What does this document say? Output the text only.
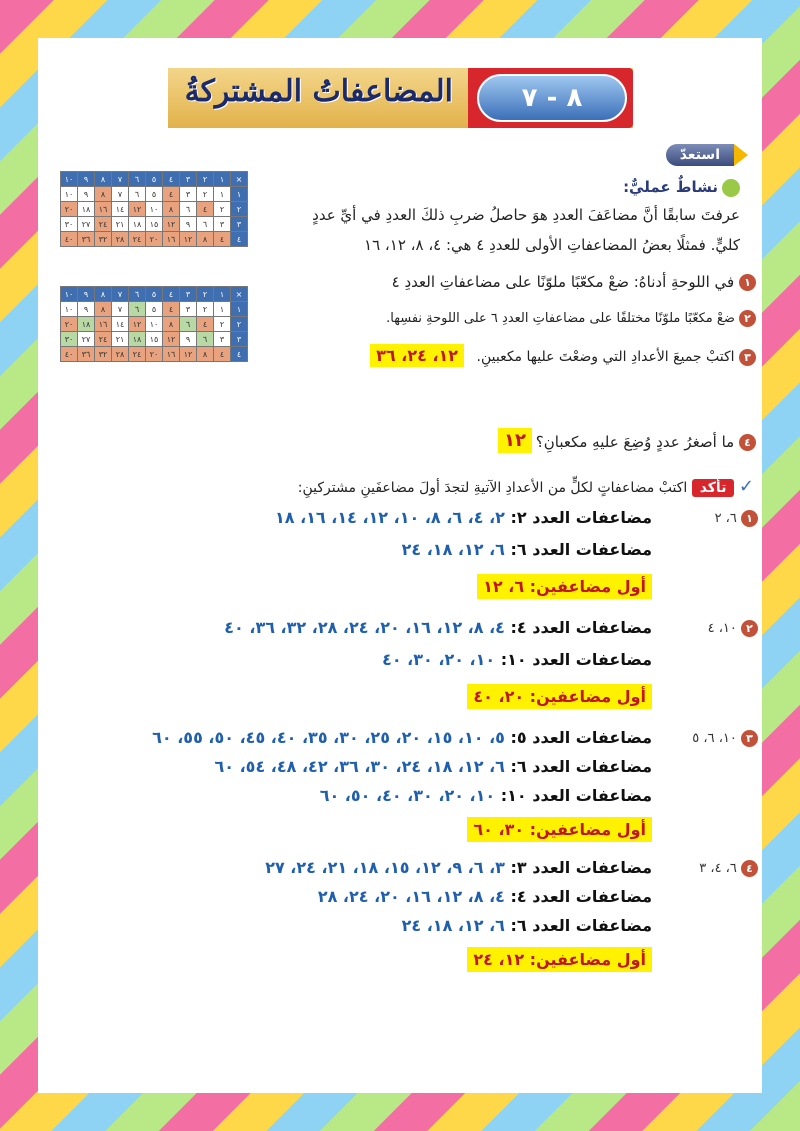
٨ - ٧
المضاعفاتُ المشتركةُ
استعدّ
نشاطٌ عمليٌّ:
عرفتَ سابقًا أنَّ مضاعَفَ العددِ هوَ حاصلُ ضربِ ذلكَ العددِ في أيِّ عددٍ
كليٍّ. فمثلًا بعضُ المضاعفاتِ الأولى للعددِ ٤ هي: ٤، ٨، ١٢، ١٦
١ في اللوحةِ أدناهُ: ضعْ مكعّبًا ملوّنًا على مضاعفاتِ العددِ ٤
٢ ضعْ مكعّبًا ملوّنًا مختلفًا على مضاعفاتِ العددِ ٦ على اللوحةِ نفسِها.
٣ اكتبْ جميعَ الأعدادِ التي وضعْتَ عليها مكعبينِ. ١٢، ٢٤، ٣٦
١٢	٤ ما أصغرُ عددٍ وُضِعَ عليهِ مكعبانِ؟
×	١	٢	٣	٤	٥	٦	٧	٨	٩	١٠
١	١	٢	٣	٤	٥	٦	٧	٨	٩	١٠
٢	٢	٤	٦	٨	١٠	١٢	١٤	١٦	١٨	٢٠
٣	٣	٦	٩	١٢	١٥	١٨	٢١	٢٤	٢٧	٣٠
٤	٤	٨	١٢	١٦	٢٠	٢٤	٢٨	٣٢	٣٦	٤٠
×	١	٢	٣	٤	٥	٦	٧	٨	٩	١٠
١	١	٢	٣	٤	٥	٦	٧	٨	٩	١٠
٢	٢	٤	٦	٨	١٠	١٢	١٤	١٦	١٨	٢٠
٣	٣	٦	٩	١٢	١٥	١٨	٢١	٢٤	٢٧	٣٠
٤	٤	٨	١٢	١٦	٢٠	٢٤	٢٨	٣٢	٣٦	٤٠
✓ تأكد اكتبْ مضاعفاتٍ لكلٍّ من الأعدادِ الآتيةِ لتجدَ أولَ مضاعفَينِ مشتركينِ:
١ ٦، ٢
مضاعفات العدد ٢: ٢، ٤، ٦، ٨، ١٠، ١٢، ١٤، ١٦، ١٨
مضاعفات العدد ٦: ٦، ١٢، ١٨، ٢٤
أول مضاعفين: ٦، ١٢
٢ ١٠، ٤
مضاعفات العدد ٤: ٤، ٨، ١٢، ١٦، ٢٠، ٢٤، ٢٨، ٣٢، ٣٦، ٤٠
مضاعفات العدد ١٠: ١٠، ٢٠، ٣٠، ٤٠
أول مضاعفين: ٢٠، ٤٠
٣ ١٠، ٦، ٥
مضاعفات العدد ٥: ٥، ١٠، ١٥، ٢٠، ٢٥، ٣٠، ٣٥، ٤٠، ٤٥، ٥٠، ٥٥، ٦٠
مضاعفات العدد ٦: ٦، ١٢، ١٨، ٢٤، ٣٠، ٣٦، ٤٢، ٤٨، ٥٤، ٦٠
مضاعفات العدد ١٠: ١٠، ٢٠، ٣٠، ٤٠، ٥٠، ٦٠
أول مضاعفين: ٣٠، ٦٠
٤ ٦، ٤، ٣
مضاعفات العدد ٣: ٣، ٦، ٩، ١٢، ١٥، ١٨، ٢١، ٢٤، ٢٧
مضاعفات العدد ٤: ٤، ٨، ١٢، ١٦، ٢٠، ٢٤، ٢٨
مضاعفات العدد ٦: ٦، ١٢، ١٨، ٢٤
أول مضاعفين: ١٢، ٢٤
